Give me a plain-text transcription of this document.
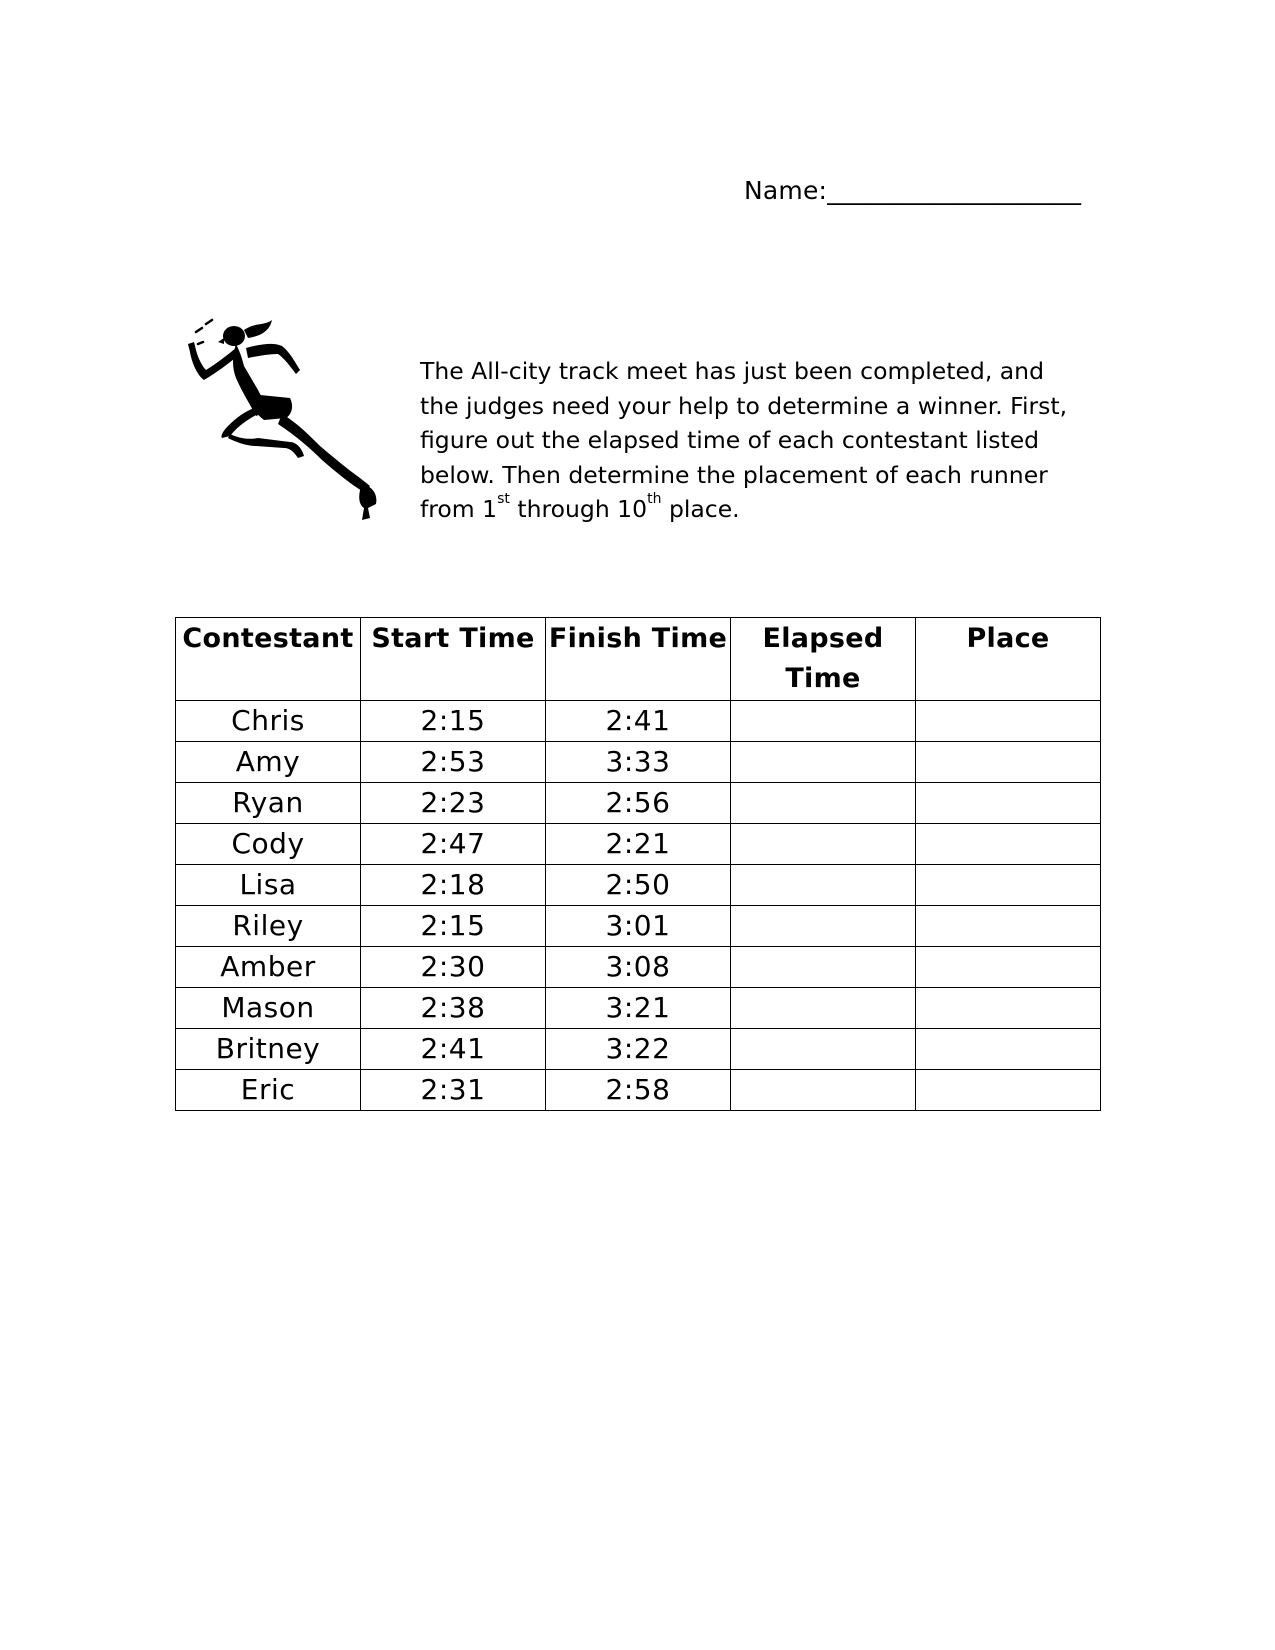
Name:____________________

The All-city track meet has just been completed, and the judges need your help to determine a winner. First, figure out the elapsed time of each contestant listed below. Then determine the placement of each runner from 1st through 10th place.

Contestant	Start Time	Finish Time	Elapsed Time	Place
Chris	2:15	2:41		
Amy	2:53	3:33		
Ryan	2:23	2:56		
Cody	2:47	2:21		
Lisa	2:18	2:50		
Riley	2:15	3:01		
Amber	2:30	3:08		
Mason	2:38	3:21		
Britney	2:41	3:22		
Eric	2:31	2:58		
